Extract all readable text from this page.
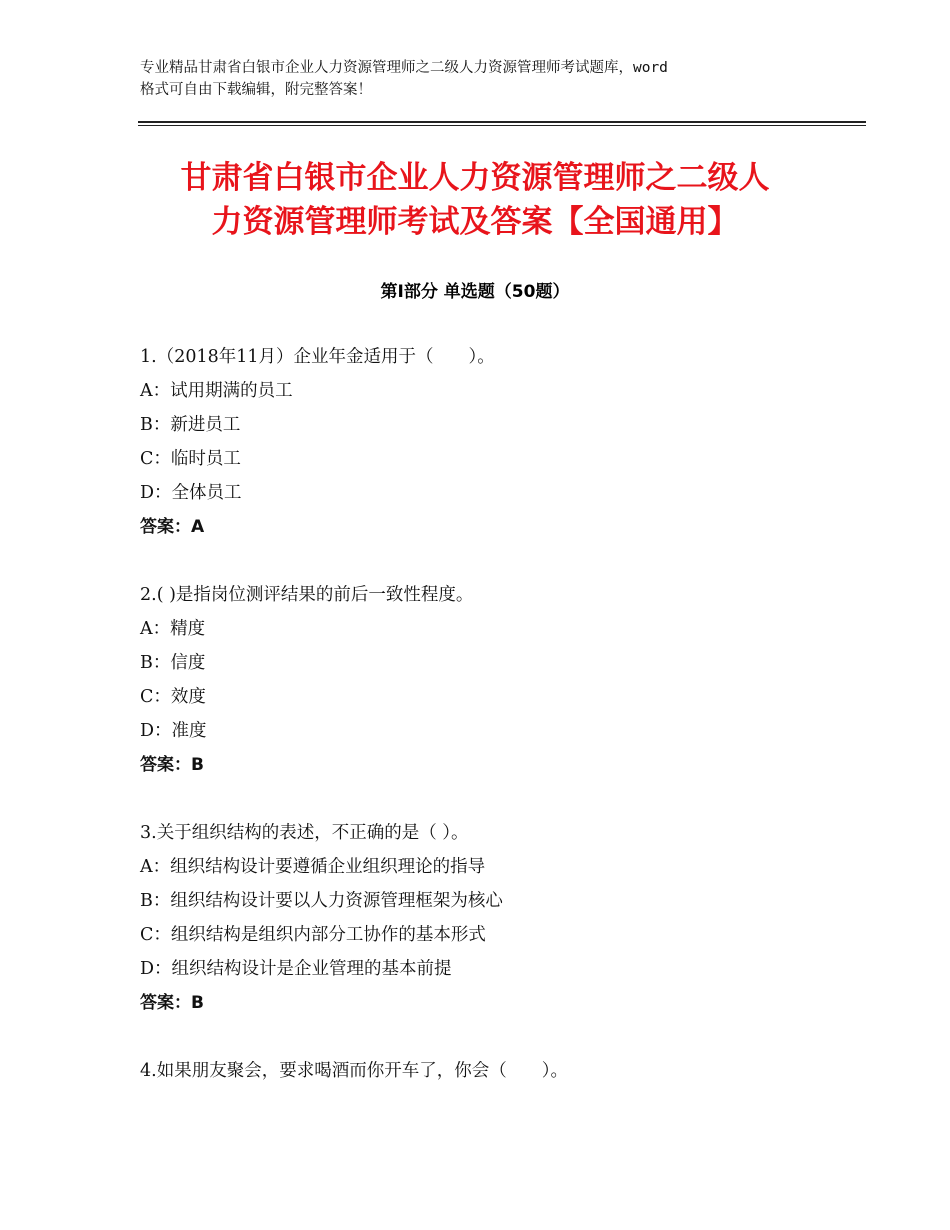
专业精品甘肃省白银市企业人力资源管理师之二级人力资源管理师考试题库，word
格式可自由下载编辑，附完整答案！
甘肃省白银市企业人力资源管理师之二级人
力资源管理师考试及答案【全国通用】
第Ⅰ部分 单选题（50题）
1.（2018年11月）企业年金适用于（　　）。
A：试用期满的员工
B：新进员工
C：临时员工
D：全体员工
答案：A
2.( )是指岗位测评结果的前后一致性程度。
A：精度
B：信度
C：效度
D：准度
答案：B
3.关于组织结构的表述，不正确的是（ ）。
A：组织结构设计要遵循企业组织理论的指导
B：组织结构设计要以人力资源管理框架为核心
C：组织结构是组织内部分工协作的基本形式
D：组织结构设计是企业管理的基本前提
答案：B
4.如果朋友聚会，要求喝酒而你开车了，你会（　　）。
